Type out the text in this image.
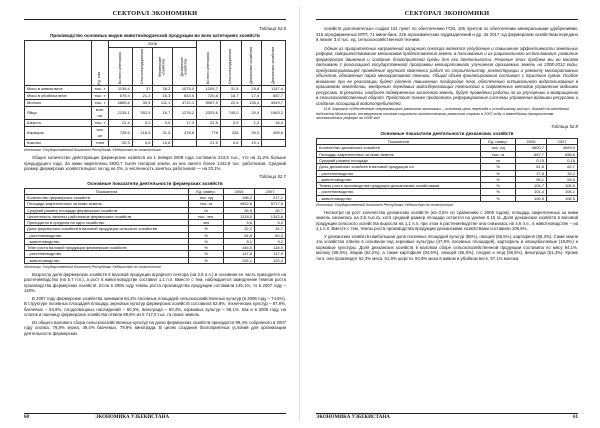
СЕКТОРАЛ ЭКОНОМИКИ
Таблица 52.6
Производство основных видов животноводческой продукции во всех категориях хозяйств

	Ед. изм.	2006				Во всех категориях	Сельхозпредприятия	Дехканские хозяйства	Дехканские хозяйства

		Во всех категориях	Сельхозпредприятия	Фермерские хозяйства	Дехканские хозяйства				

Мясо в живом весе	тыс. т	1139,4	37	28,2	1075,0	1205,7	31,5	29,8	1147,4
Мясо в убойном весе	тыс. т	679,4	21,2	16,3	643,0	720,8	18,7	17,4	687,7
Молоко	тыс. т	4855,6	30,4	111,1	4710,1	5067,5	22,4	135,4	4949,7
Яйца	млн. шт	2135,1	352,5	16,7	1276,2	2325,6	740,0	20,9	1563,2
Шерсть	тыс. т	21,4	3,2	0,9	17,3	22,5	2,9	1,2	18,4
Каракуль	тыс. шт	728,6	216,5	31,5	478,6	778	228	39,0	499,6
Коконы	тонн	20,3	3,6	15,8		21,5	0,6	19,1	
Источник: Государственный Комитет Республики Узбекистан по статистике.

Общее количество действующих фермерских хозяйств на 1 января 2008 года составило 223,6 тыс., что на 11,2% больше предыдущего года. За ними закреплены 5930,7 тысяч гектаров земли, из них занято более 1342,8 тыс. работников. Средний размер фермерских хозяйств вырос за год на 2%, а численность занятых работников — на 20,1%.

Таблица 52.7
Основные показатели деятельности фермерских хозяйств
Показатели	Ед. измер.	2006	2007
Количество фермерских хозяйств	тыс. ед	198,2	217,1
Площадь закрепленных за ними земель	тыс. га	4952,6	5717,5
Средний размер площади фермерских хозяйств	га	26,5	26,7
Численность занятых работников фермерских хозяйств	тыс. чел.	1118,0	1342,8
Приходится в среднем на одно хозяйство	чел	5,6	6,0
Доля фермерских хозяйств в валовой продукции сельского хозяйства	%	32,2	34,7
- растениеводство	%	54,8	60,3
- животноводство	%	8,1	9,2
Темп роста валовой продукции фермерских хозяйств	%	146,0	118,0
- растениеводство	%	147,8	117,9
- животноводство	%	126,1	120,4
Источник: Государственный Комитет Республики Узбекистан по статистике.

Возросла доля фермерских хозяйств в валовой продукции аграрного сектора (на 2,5 п.п.) и основная ее часть приходится на растениеводство (на 5,7 п.п.), а рост в животноводстве составил 1,1 п.п. Вместе с тем, наблюдается замедление темпов роста производства фермерских хозяйств. Если в 2006 году темпы роста производства продукции составили 146,1%, то в 2007 году – 118%.

В 2007 году фермерские хозяйства занимали 84,2% посевных площадей сельскохозяйственных культур (в 2006 году – 74,5%). В структуре посевных площадей площадь зерновых культур фермерских хозяйств составила 62,8%, технических культур – 97,8%, бахчевых – 54,9%, плодоовощных насаждений – 60,3%, винограда – 60,4%, кормовых культур – 58,1%. Как и в 2006 году, на хлопок и пшеницу фермерские хозяйства отвели 88,6% из 5 717,5 тыс. га своих земель.

Из общего валового сбора сельскохозяйственных культур на долю фермерских хозяйств приходится 99,4% собранного в 2007 году хлопка, 79,8% зерна, 49,4% бахчевых, 79,9% винограда. В целях создания благоприятных условий для организации деятельности фермерских

60	ЭКОНОМИКА УЗБЕКИСТАНА
СЕКТОРАЛ ЭКОНОМИКИ

хозяйств дополнительно создан 131 пункт по обеспечению ГСМ, 106 пунктов по обеспечению минеральными удобрениями, 315 агрофирменных МТП, 71 мини-банк, 226 агрохимических подразделений и др. За 2017 год фермерским хозяйствам передано в лизинг 3,6 тыс. ед. сельскохозяйственной техники.

Одним из приоритетных направлений аграрного сектора является углубление и повышение эффективности земельных реформ, совершенствование механизмов предоставления земель в пользование и их рационального использования, развитие фермерского движения и создание благоприятной среды для его деятельности. Решение этих проблем мы во многом связываем с реализацией государственной программы мелиоративного улучшения орошаемых земель на 2008-2012 годы, предусматривающей проведение крупного комплекса работ по строительству, реконструкции и ремонту мелиоративных объектов, обновление парка мелиоративной техники. Общий объем финансирования составит 1 триллион сумов. Особое внимание при ее реализации будет уделено повышению плодородия почв, обеспечению оптимального водопользования в орошаемом земледелии, внедрению передовых водосберегающих технологий и современных методов управления водными ресурсами. В регионах, наиболее подверженных засолению земель, будут проведены работы по их улучшению и возвращению в сельскохозяйственный оборот. Предстоит также продолжить реформирование системы управления водными ресурсами и создание ассоциаций водопотребителей.
И.А. Каримов «Обеспечение опережающего развития экономики – основная цель перехода к устойчивому росту», доклад на заседании Кабинета Министров, посвященном итогам социально-экономического развития страны в 2007 году и важнейшим приоритетам экономических реформ на 2008 год.
Таблица 52.8
Основные показатели деятельности дехканских хозяйств
Показатели	Ед. измер.	2006	2007
Количество дехканских хозяйств	тыс. ед	4600,7	4669,0
Площадь закрепленных за ними земель	тыс. га	667,7	658,6
Средний размер площади	га	0,15	0,15
Доля дехканских хозяйств в валовой продукции с/х	%	61,6	62,7
- растениеводство	%	37,8	33,2
- животноводство	%	95,1	94,0
Темпы роста производства продукции дехканскими хозяйствами	%	104,7	106,6
- растениеводство	%	101,4	106,1
- животноводство	%	106,6	106,5
Источник: Государственный Комитет Республики Узбекистан по статистике.

Несмотря на рост количества дехканских хозяйств (на 0,5% по сравнению с 2006 годом), площадь закрепленных за ними земель снизилась на 3,5 тыс.га, хотя средний размер площади остается на уровне 0,15 га. Доля дехканских хозяйств в валовой продукции сельского хозяйства выросла на 1,1 п.п. при этом в растениеводстве она снизилась на 4,6 п.п., в животноводстве – на 1,1 п.п. Вместе с тем, темпы роста производства продукции дехканскими хозяйствами составили 106,6%.

У дехканских хозяйств наибольшая доля посевных площадей культур (56%), овощей (65,5%), картофеля (55,3%). Сами земли эти хозяйства отвели в основном под зерновые культуры (47,5% посевных площадей), картофель и овощебахчевые (18,8%) и кормовые культуры. Доля дехканских хозяйств в валовом сборе сельскохозяйственной продукции составила по мясу 94,1%, молоку (85,5%), яйцам (52,2%), а также картофеля (84,5%), овощей (65,5%), плодов и ягод (56,5%), винограда (51,4%). Кроме того, они производят 62,3% мяса, 61,8% шерсти, 94,9% меха в живом и убойном весе, 97,1% молока.

ЭКОНОМИКА УЗБЕКИСТАНА	61
